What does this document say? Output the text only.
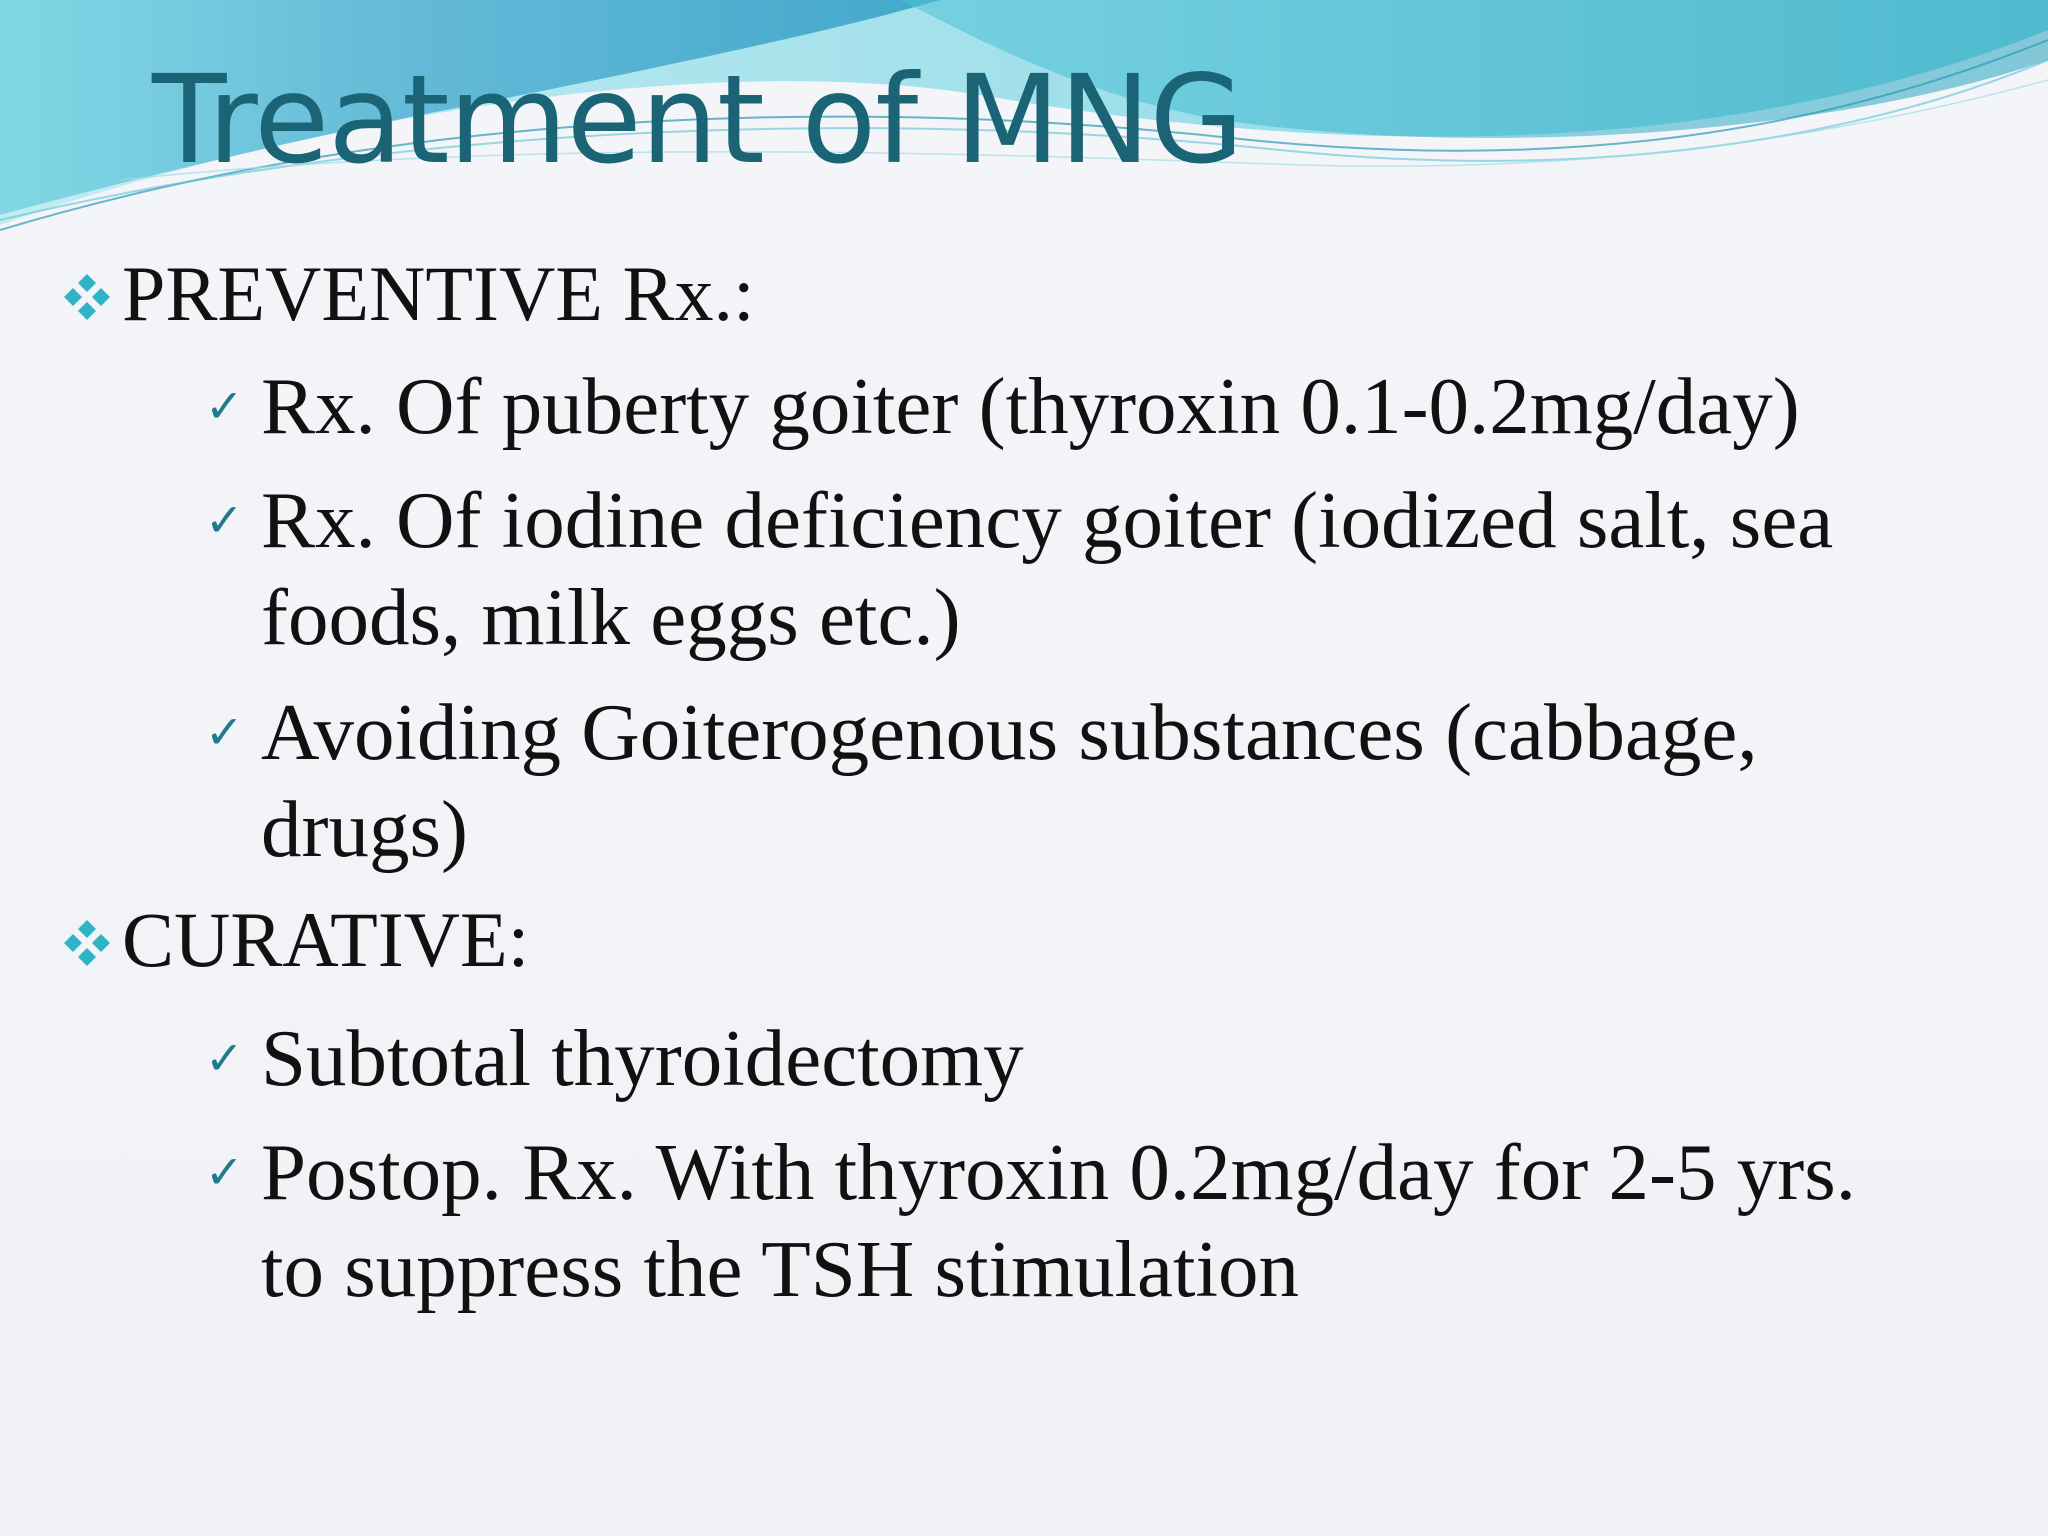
Treatment of MNG
PREVENTIVE Rx.:
✓ Rx. Of puberty goiter (thyroxin 0.1-0.2mg/day)
✓ Rx. Of iodine deficiency goiter (iodized salt, sea foods, milk eggs etc.)
✓ Avoiding Goiterogenous substances (cabbage, drugs)
CURATIVE:
✓ Subtotal thyroidectomy
✓ Postop. Rx. With thyroxin 0.2mg/day for 2-5 yrs. to suppress the TSH stimulation
